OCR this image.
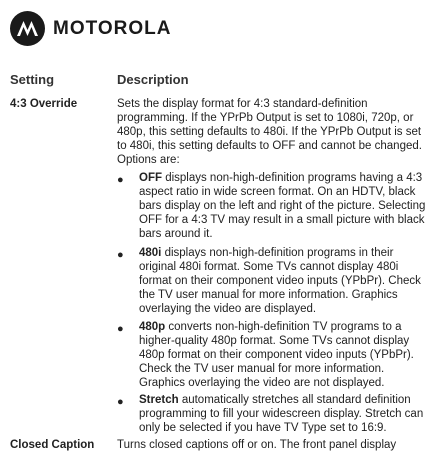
MOTOROLA
Setting	Description
4:3 Override	Sets the display format for 4:3 standard-definition programming. If the YPrPb Output is set to 1080i, 720p, or 480p, this setting defaults to 480i. If the YPrPb Output is set to 480i, this setting defaults to OFF and cannot be changed. Options are:
● OFF displays non-high-definition programs having a 4:3 aspect ratio in wide screen format. On an HDTV, black bars display on the left and right of the picture. Selecting OFF for a 4:3 TV may result in a small picture with black bars around it.
● 480i displays non-high-definition programs in their original 480i format. Some TVs cannot display 480i format on their component video inputs (YPbPr). Check the TV user manual for more information. Graphics overlaying the video are displayed.
● 480p converts non-high-definition TV programs to a higher-quality 480p format. Some TVs cannot display 480p format on their component video inputs (YPbPr). Check the TV user manual for more information. Graphics overlaying the video are not displayed.
● Stretch automatically stretches all standard definition programming to fill your widescreen display. Stretch can only be selected if you have TV Type set to 16:9.
Closed Caption	Turns closed captions off or on. The front panel display
